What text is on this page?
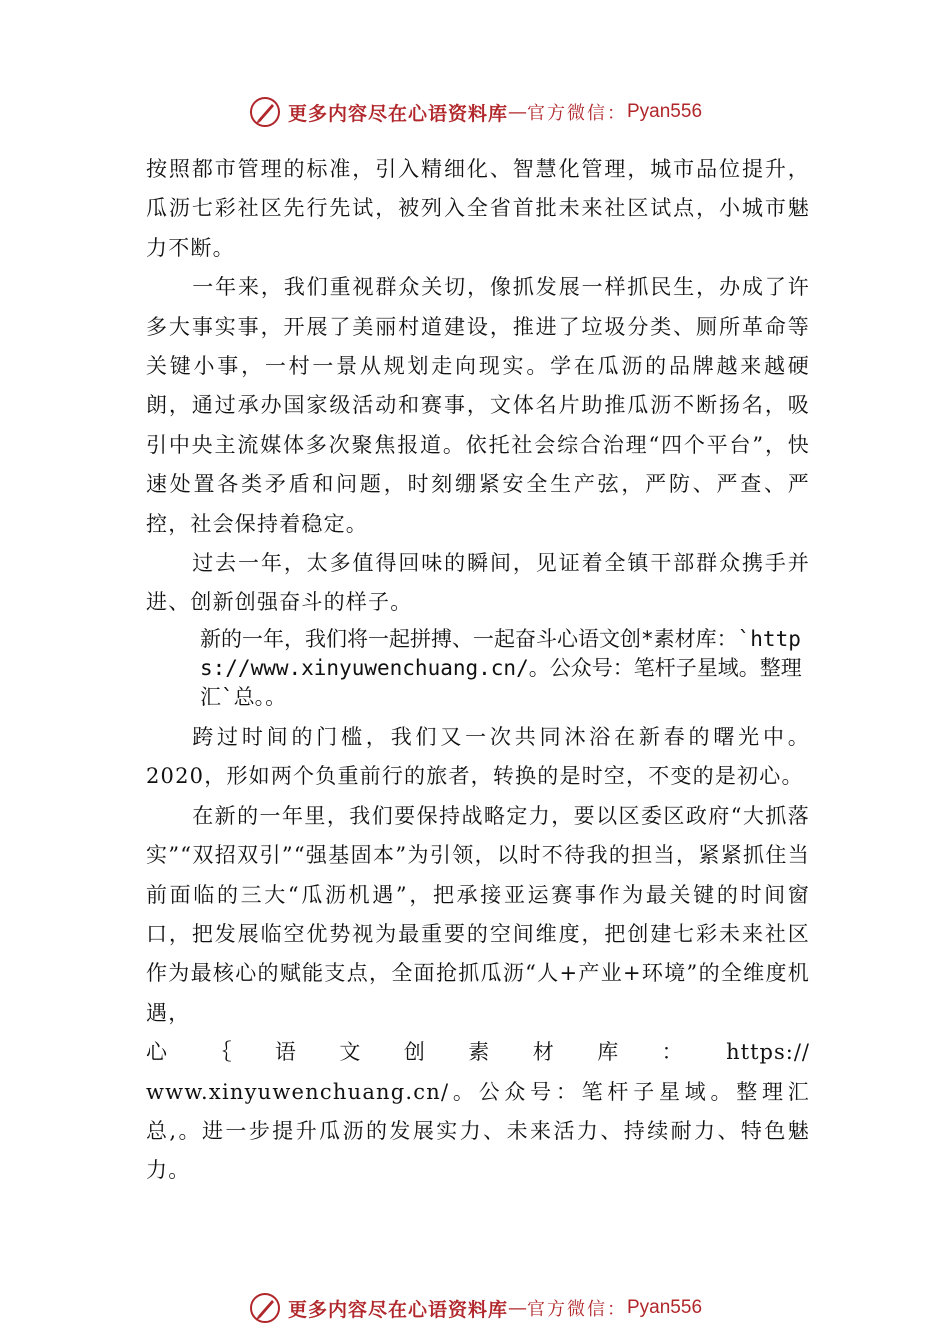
更多内容尽在心语资料库 — 官方微信： Pyan556

按照都市管理的标准，引入精细化、智慧化管理，城市品位提升，瓜沥七彩社区先行先试，被列入全省首批未来社区试点，小城市魅力不断。

一年来，我们重视群众关切，像抓发展一样抓民生，办成了许多大事实事，开展了美丽村道建设，推进了垃圾分类、厕所革命等关键小事，一村一景从规划走向现实。学在瓜沥的品牌越来越硬朗，通过承办国家级活动和赛事，文体名片助推瓜沥不断扬名，吸引中央主流媒体多次聚焦报道。依托社会综合治理“四个平台”，快速处置各类矛盾和问题，时刻绷紧安全生产弦，严防、严查、严控，社会保持着稳定。

过去一年，太多值得回味的瞬间，见证着全镇干部群众携手并进、创新创强奋斗的样子。

新的一年，我们将一起拼搏、一起奋斗心语文创*素材库：`https://www.xinyuwenchuang.cn/。公众号：笔杆子星域。整理汇`总。。

跨过时间的门槛，我们又一次共同沐浴在新春的曙光中。2020，形如两个负重前行的旅者，转换的是时空，不变的是初心。

在新的一年里，我们要保持战略定力，要以区委区政府“大抓落实”“双招双引”“强基固本”为引领，以时不待我的担当，紧紧抓住当前面临的三大“瓜沥机遇”，把承接亚运赛事作为最关键的时间窗口，把发展临空优势视为最重要的空间维度，把创建七彩未来社区作为最核心的赋能支点，全面抢抓瓜沥“人+产业+环境”的全维度机遇，

心｛语文创素材库：https://

www.xinyuwenchuang.cn/。公众号：笔杆子星域。整理汇总,。进一步提升瓜沥的发展实力、未来活力、持续耐力、特色魅力。

更多内容尽在心语资料库 — 官方微信： Pyan556
